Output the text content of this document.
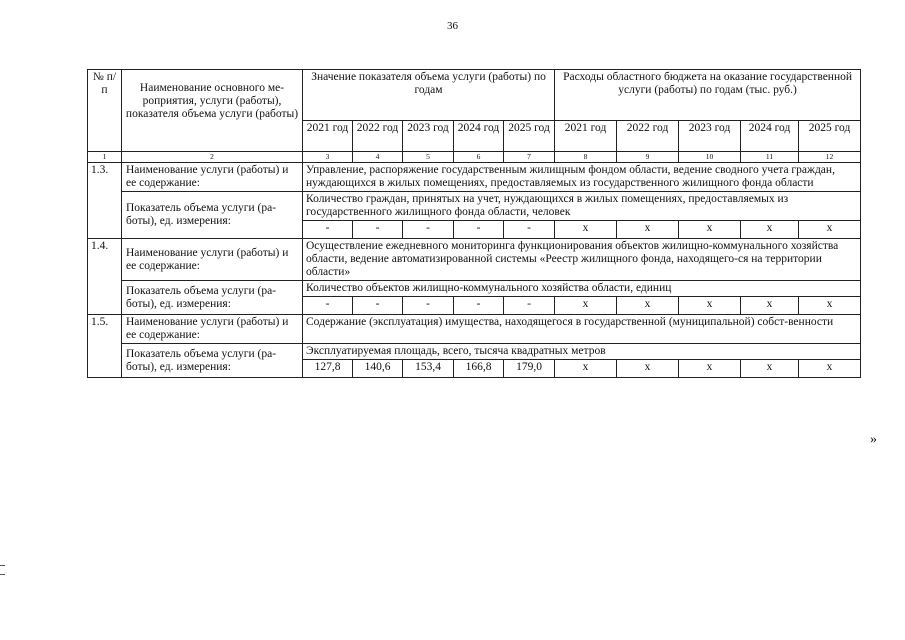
36
№ п/п	Наименование основного ме-роприятия, услуги (работы), показателя объема услуги (работы)	Значение показателя объема услуги (работы) по годам					Расходы областного бюджета на оказание государственной услуги (работы) по годам (тыс. руб.)				
		2021 год	2022 год	2023 год	2024 год	2025 год	2021 год	2022 год	2023 год	2024 год	2025 год
1	2	3	4	5	6	7	8	9	10	11	12
1.3.	Наименование услуги (работы) и ее содержание:	Управление, распоряжение государственным жилищным фондом области, ведение сводного учета граждан, нуждающихся в жилых помещениях, предоставляемых из государственного жилищного фонда области									
	Показатель объема услуги (ра-боты), ед. измерения:	Количество граждан, принятых на учет, нуждающихся в жилых помещениях, предоставляемых из государственного жилищного фонда области, человек									
		-	-	-	-	-	х	х	х	х	х
1.4.	Наименование услуги (работы) и ее содержание:	Осуществление ежедневного мониторинга функционирования объектов жилищно-коммунального хозяйства области, ведение автоматизированной системы «Реестр жилищного фонда, находящего-ся на территории области»									
	Показатель объема услуги (ра-боты), ед. измерения:	Количество объектов жилищно-коммунального хозяйства области, единиц									
		-	-	-	-	-	х	х	х	х	х
1.5.	Наименование услуги (работы) и ее содержание:	Содержание (эксплуатация) имущества, находящегося в государственной (муниципальной) собст-венности									
	Показатель объема услуги (ра-боты), ед. измерения:	Эксплуатируемая площадь, всего, тысяча квадратных метров									
		127,8	140,6	153,4	166,8	179,0	х	х	х	х	х
»
